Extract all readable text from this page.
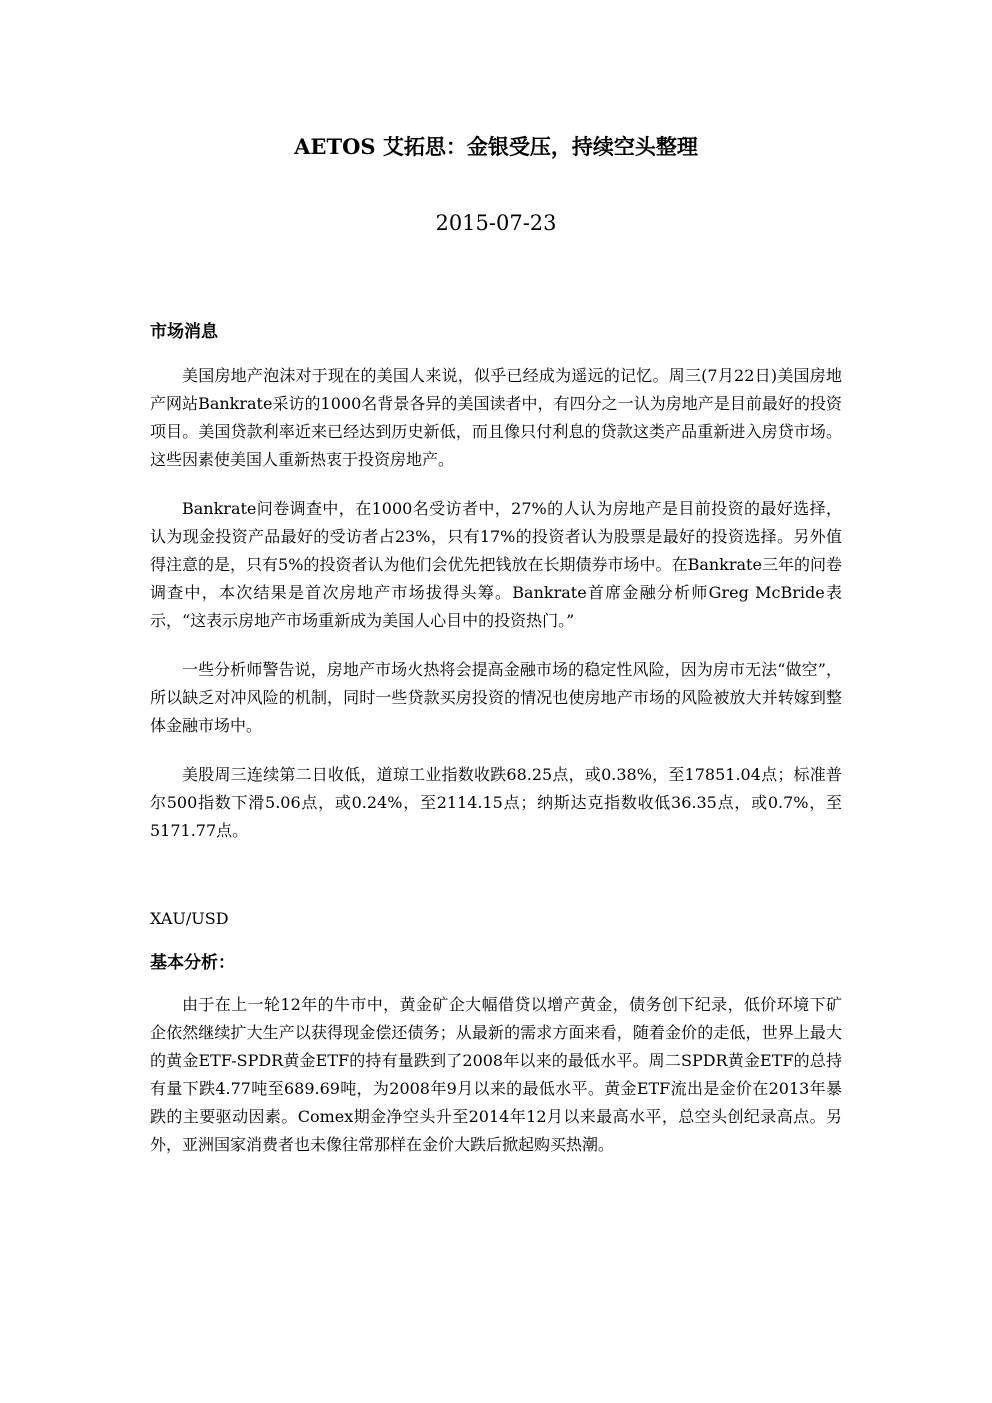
AETOS 艾拓思：金银受压，持续空头整理
2015-07-23
市场消息

美国房地产泡沫对于现在的美国人来说，似乎已经成为遥远的记忆。周三(7月22日)美国房地产网站Bankrate采访的1000名背景各异的美国读者中，有四分之一认为房地产是目前最好的投资项目。美国贷款利率近来已经达到历史新低，而且像只付利息的贷款这类产品重新进入房贷市场。这些因素使美国人重新热衷于投资房地产。

Bankrate问卷调查中，在1000名受访者中，27%的人认为房地产是目前投资的最好选择，认为现金投资产品最好的受访者占23%，只有17%的投资者认为股票是最好的投资选择。另外值得注意的是，只有5%的投资者认为他们会优先把钱放在长期债券市场中。在Bankrate三年的问卷调查中，本次结果是首次房地产市场拔得头筹。Bankrate首席金融分析师Greg McBride表示，“这表示房地产市场重新成为美国人心目中的投资热门。”

一些分析师警告说，房地产市场火热将会提高金融市场的稳定性风险，因为房市无法“做空”，所以缺乏对冲风险的机制，同时一些贷款买房投资的情况也使房地产市场的风险被放大并转嫁到整体金融市场中。

美股周三连续第二日收低，道琼工业指数收跌68.25点，或0.38%，至17851.04点；标准普尔500指数下滑5.06点，或0.24%，至2114.15点；纳斯达克指数收低36.35点，或0.7%，至5171.77点。

XAU/USD
基本分析：

由于在上一轮12年的牛市中，黄金矿企大幅借贷以增产黄金，债务创下纪录，低价环境下矿企依然继续扩大生产以获得现金偿还债务；从最新的需求方面来看，随着金价的走低，世界上最大的黄金ETF-SPDR黄金ETF的持有量跌到了2008年以来的最低水平。周二SPDR黄金ETF的总持有量下跌4.77吨至689.69吨，为2008年9月以来的最低水平。黄金ETF流出是金价在2013年暴跌的主要驱动因素。Comex期金净空头升至2014年12月以来最高水平，总空头创纪录高点。另外，亚洲国家消费者也未像往常那样在金价大跌后掀起购买热潮。
